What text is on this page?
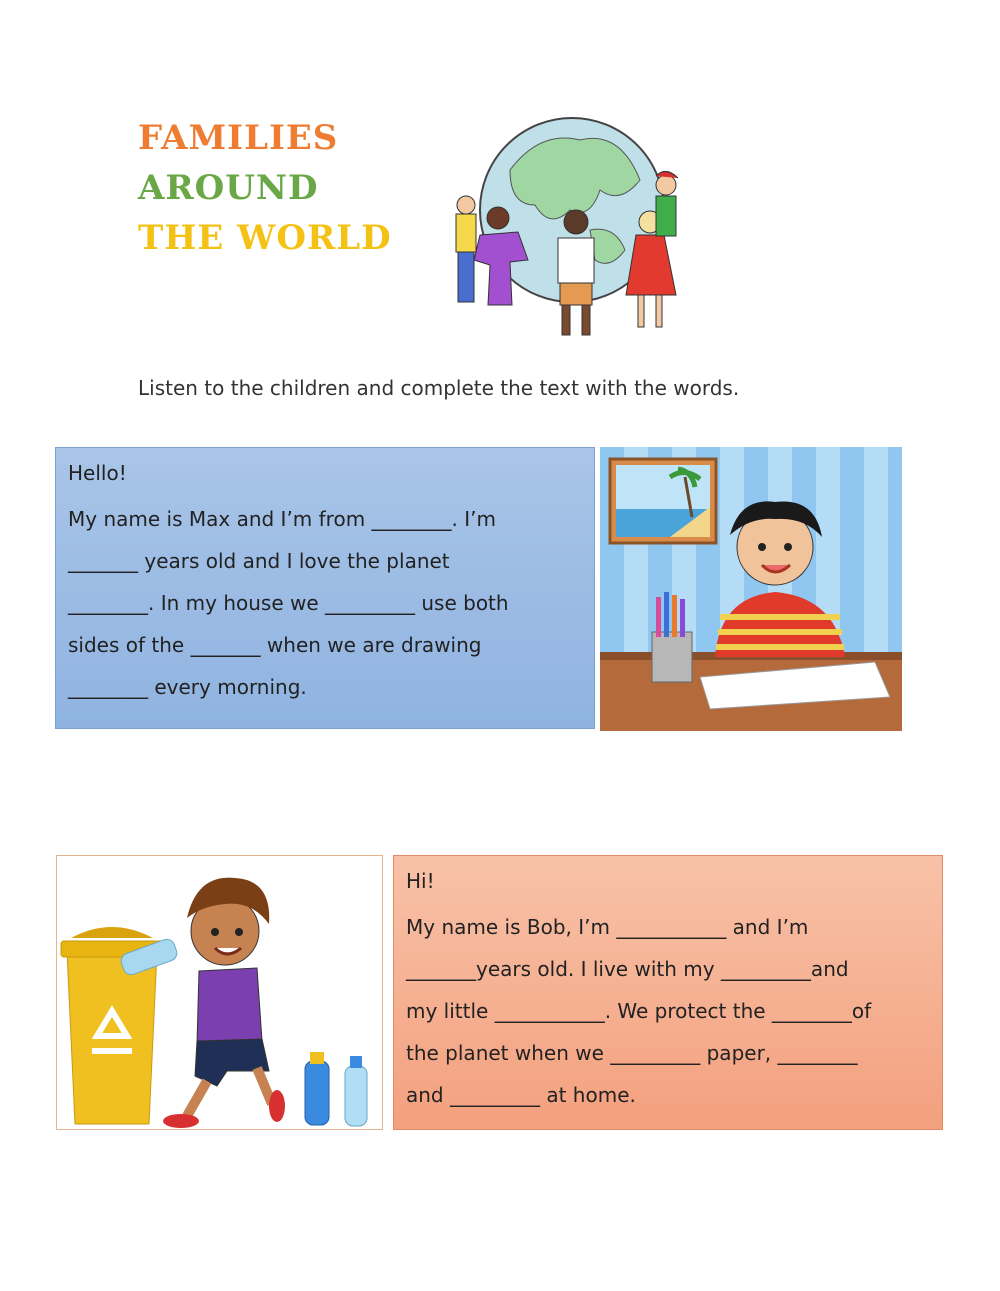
FAMILIES
AROUND
THE WORLD
Listen to the children and complete the text with the words.

Hello!

My name is Max and I’m from ________. I’m

_______ years old and I love the planet

________. In my house we _________ use both

sides of the _______ when we are drawing

________ every morning.

Hi!

My name is Bob, I’m ___________ and I’m

_______years old. I live with my _________and

my little ___________. We protect the ________of

the planet when we _________ paper, ________

and _________ at home.
